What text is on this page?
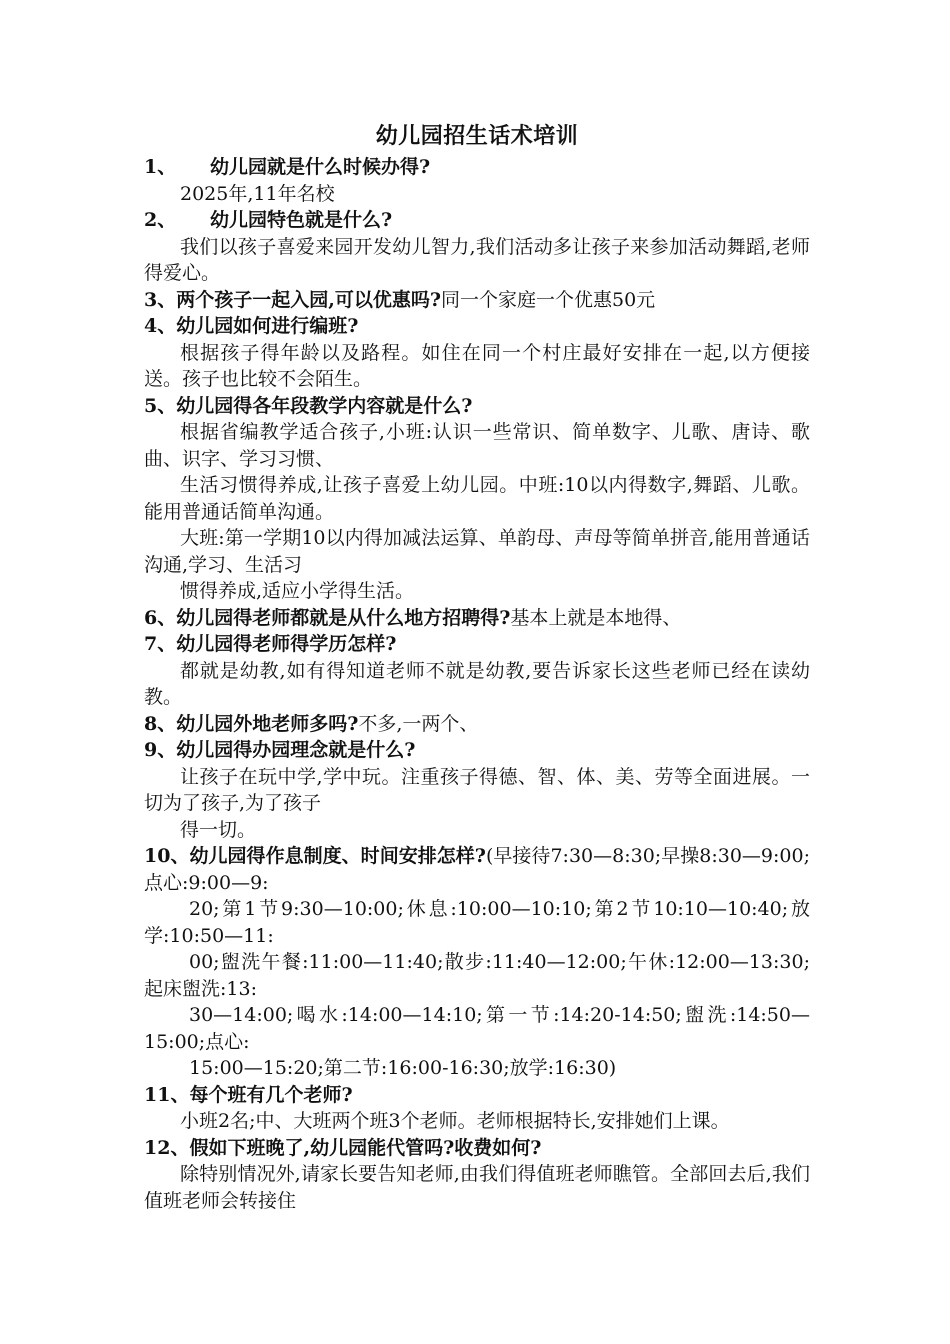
幼儿园招生话术培训

1、 幼儿园就是什么时候办得?

2025年,11年名校

2、 幼儿园特色就是什么?

我们以孩子喜爱来园开发幼儿智力,我们活动多让孩子来参加活动舞蹈,老师得爱心。

3、两个孩子一起入园,可以优惠吗?同一个家庭一个优惠50元

4、幼儿园如何进行编班?

根据孩子得年龄以及路程。如住在同一个村庄最好安排在一起,以方便接送。孩子也比较不会陌生。

5、幼儿园得各年段教学内容就是什么?

根据省编教学适合孩子,小班:认识一些常识、简单数字、儿歌、唐诗、歌曲、识字、学习习惯、

生活习惯得养成,让孩子喜爱上幼儿园。中班:10以内得数字,舞蹈、儿歌。能用普通话简单沟通。

大班:第一学期10以内得加减法运算、单韵母、声母等简单拼音,能用普通话沟通,学习、生活习

惯得养成,适应小学得生活。

6、幼儿园得老师都就是从什么地方招聘得?基本上就是本地得、

7、幼儿园得老师得学历怎样?

都就是幼教,如有得知道老师不就是幼教,要告诉家长这些老师已经在读幼教。

8、幼儿园外地老师多吗?不多,一两个、

9、幼儿园得办园理念就是什么?

让孩子在玩中学,学中玩。注重孩子得德、智、体、美、劳等全面进展。一切为了孩子,为了孩子

得一切。

10、幼儿园得作息制度、时间安排怎样?(早接待7:30—8:30;早操8:30—9:00;点心:9:00—9:

20;第1节9:30—10:00;休息:10:00—10:10;第2节10:10—10:40;放学:10:50—11:

00;盥洗午餐:11:00—11:40;散步:11:40—12:00;午休:12:00—13:30;起床盥洗:13:

30—14:00;喝水:14:00—14:10;第一节:14:20-14:50;盥洗:14:50—15:00;点心:

15:00—15:20;第二节:16:00-16:30;放学:16:30)

11、每个班有几个老师?

小班2名;中、大班两个班3个老师。老师根据特长,安排她们上课。

12、假如下班晚了,幼儿园能代管吗?收费如何?

除特别情况外,请家长要告知老师,由我们得值班老师瞧管。全部回去后,我们值班老师会转接住
